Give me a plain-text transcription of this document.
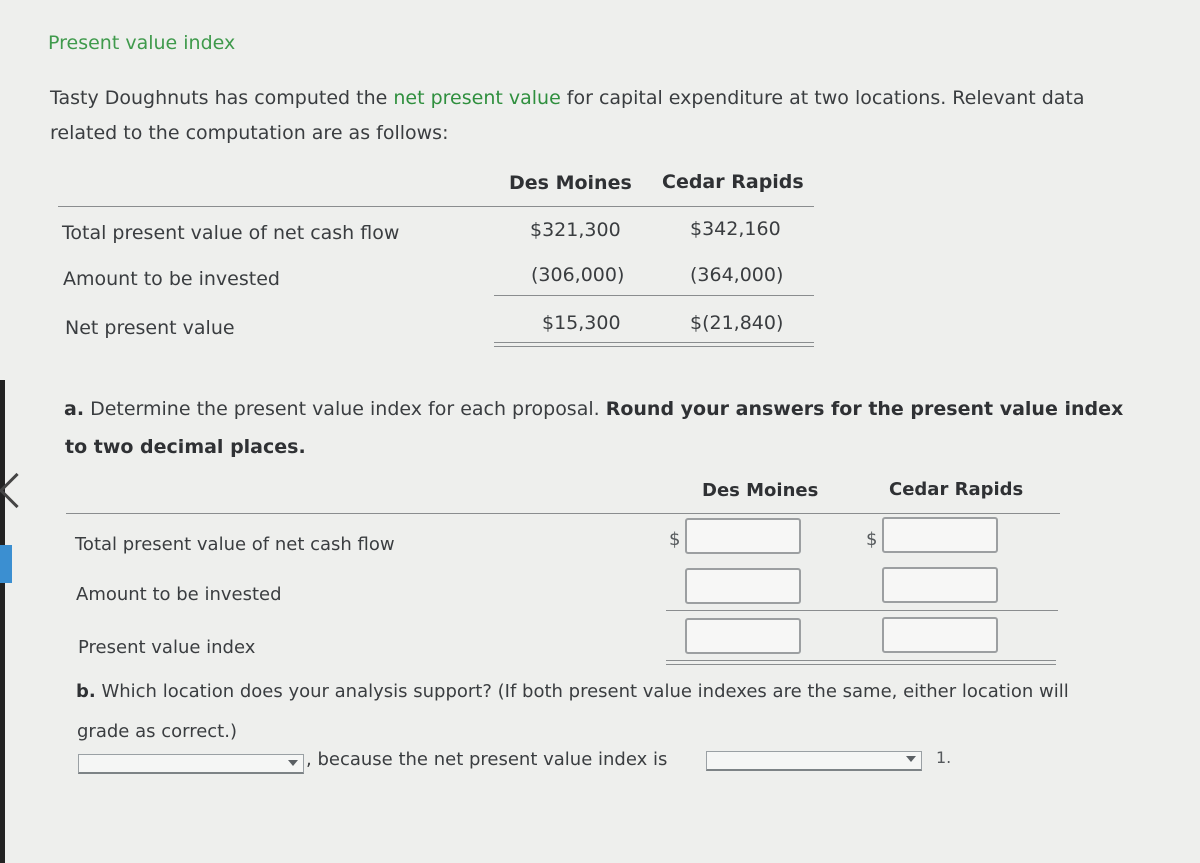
Present value index
Tasty Doughnuts has computed the net present value for capital expenditure at two locations. Relevant data
related to the computation are as follows:
Des Moines Cedar Rapids
Total present value of net cash flow	$321,300	$342,160
Amount to be invested	(306,000)	(364,000)
Net present value	$15,300	$(21,840)
a. Determine the present value index for each proposal. Round your answers for the present value index
to two decimal places.
Des Moines	Cedar Rapids
Total present value of net cash flow	$	$
Amount to be invested
Present value index
b. Which location does your analysis support? (If both present value indexes are the same, either location will
grade as correct.)
, because the net present value index is	1.
